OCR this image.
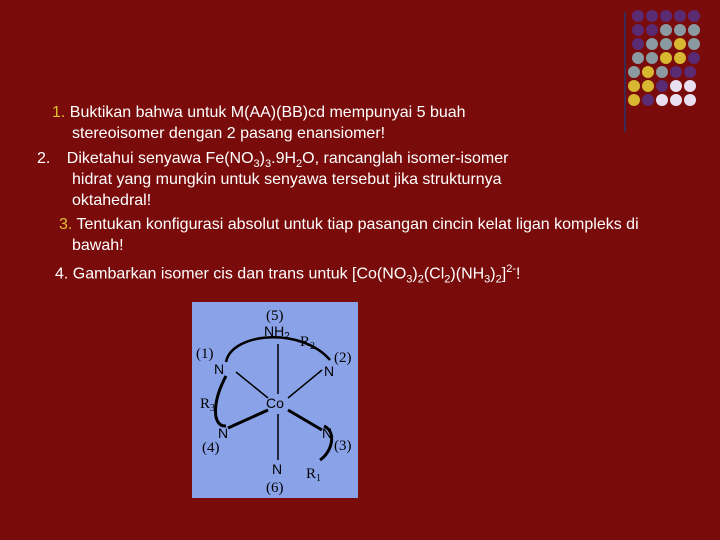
1. Buktikan bahwa untuk M(AA)(BB)cd mempunyai 5 buah
stereoisomer dengan 2 pasang enansiomer!
2. Diketahui senyawa $Fe(NO_3)_3.9H_2O$, rancanglah isomer-isomer
hidrat yang mungkin untuk senyawa tersebut jika strukturnya
oktahedral!
3. Tentukan konfigurasi absolut untuk tiap pasangan cincin kelat ligan kompleks di
bawah!
4. Gambarkan isomer cis dan trans untuk $[Co(NO_3)_2(Cl_2)(NH_3)_2]^{2-}$!
(5)
$NH_2$ $R_2$
(1)	(2)
N	N
$R_3$	Co
N	N
(4)	(3)
N $R_1$
(6)
